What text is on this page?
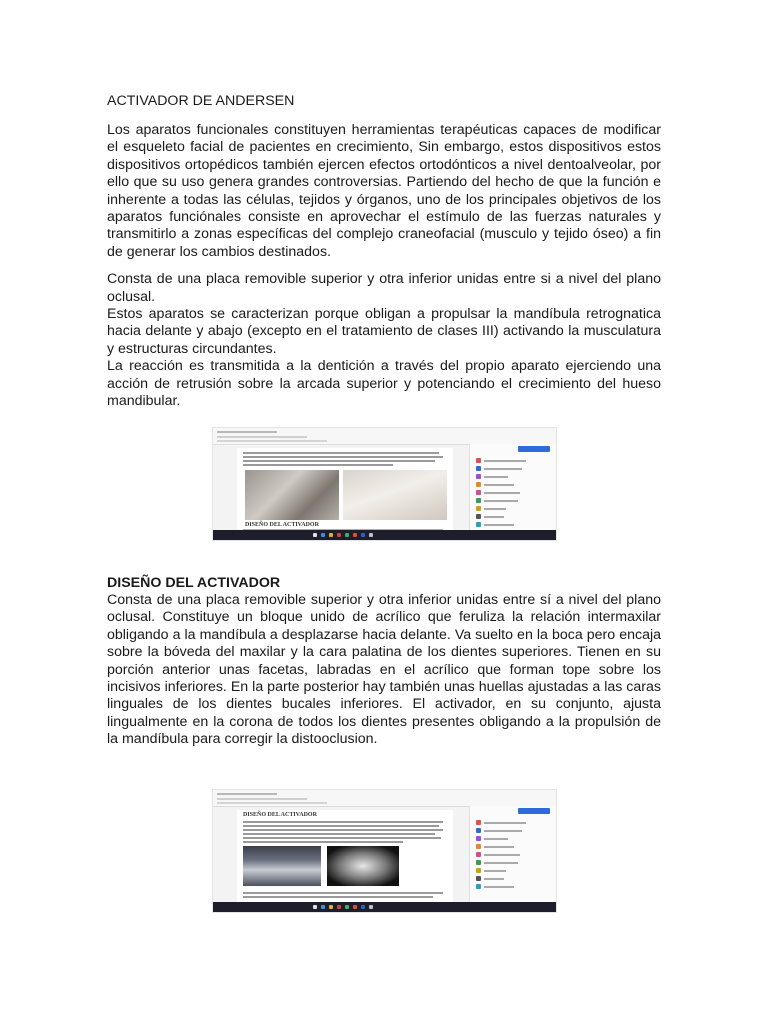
ACTIVADOR DE ANDERSEN

Los aparatos funcionales constituyen herramientas terapéuticas capaces de modificar el esqueleto facial de pacientes en crecimiento, Sin embargo, estos dispositivos estos dispositivos ortopédicos también ejercen efectos ortodónticos a nivel dentoalveolar, por ello que su uso genera grandes controversias. Partiendo del hecho de que la función e inherente a todas las células, tejidos y órganos, uno de los principales objetivos de los aparatos funciónales consiste en aprovechar el estímulo de las fuerzas naturales y transmitirlo a zonas específicas del complejo craneofacial (musculo y tejido óseo) a fin de generar los cambios destinados.

Consta de una placa removible superior y otra inferior unidas entre si a nivel del plano oclusal.

Estos aparatos se caracterizan porque obligan a propulsar la mandíbula retrognatica hacia delante y abajo (excepto en el tratamiento de clases III) activando la musculatura y estructuras circundantes.

La reacción es transmitida a la dentición a través del propio aparato ejerciendo una acción de retrusión sobre la arcada superior y potenciando el crecimiento del hueso mandibular.

DISEÑO DEL ACTIVADOR

DISEÑO DEL ACTIVADOR

Consta de una placa removible superior y otra inferior unidas entre sí a nivel del plano oclusal. Constituye un bloque unido de acrílico que feruliza la relación intermaxilar obligando a la mandíbula a desplazarse hacia delante. Va suelto en la boca pero encaja sobre la bóveda del maxilar y la cara palatina de los dientes superiores. Tienen en su porción anterior unas facetas, labradas en el acrílico que forman tope sobre los incisivos inferiores. En la parte posterior hay también unas huellas ajustadas a las caras linguales de los dientes bucales inferiores. El activador, en su conjunto, ajusta lingualmente en la corona de todos los dientes presentes obligando a la propulsión de la mandíbula para corregir la distooclusion.

DISEÑO DEL ACTIVADOR
